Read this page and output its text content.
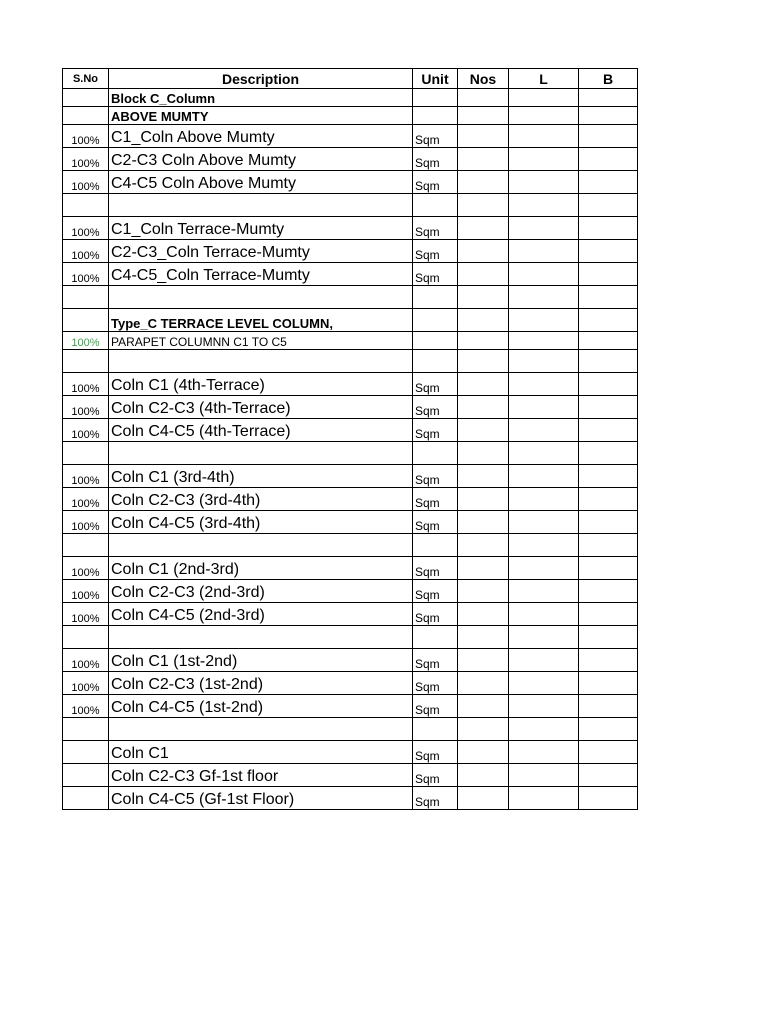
S.No	Description	Unit	Nos	L	B
	Block C_Column				
	ABOVE MUMTY				
100%	C1_Coln Above Mumty	Sqm			
100%	C2-C3 Coln Above Mumty	Sqm			
100%	C4-C5 Coln Above Mumty	Sqm			

100%	C1_Coln Terrace-Mumty	Sqm			
100%	C2-C3_Coln Terrace-Mumty	Sqm			
100%	C4-C5_Coln Terrace-Mumty	Sqm			

	Type_C TERRACE LEVEL COLUMN,				
100%	PARAPET COLUMNN C1 TO C5				

100%	Coln C1 (4th-Terrace)	Sqm			
100%	Coln C2-C3 (4th-Terrace)	Sqm			
100%	Coln C4-C5 (4th-Terrace)	Sqm			

100%	Coln C1 (3rd-4th)	Sqm			
100%	Coln C2-C3 (3rd-4th)	Sqm			
100%	Coln C4-C5 (3rd-4th)	Sqm			

100%	Coln C1 (2nd-3rd)	Sqm			
100%	Coln C2-C3 (2nd-3rd)	Sqm			
100%	Coln C4-C5 (2nd-3rd)	Sqm			

100%	Coln C1 (1st-2nd)	Sqm			
100%	Coln C2-C3 (1st-2nd)	Sqm			
100%	Coln C4-C5 (1st-2nd)	Sqm			

	Coln C1	Sqm			
	Coln C2-C3 Gf-1st floor	Sqm			
	Coln C4-C5 (Gf-1st Floor)	Sqm			
